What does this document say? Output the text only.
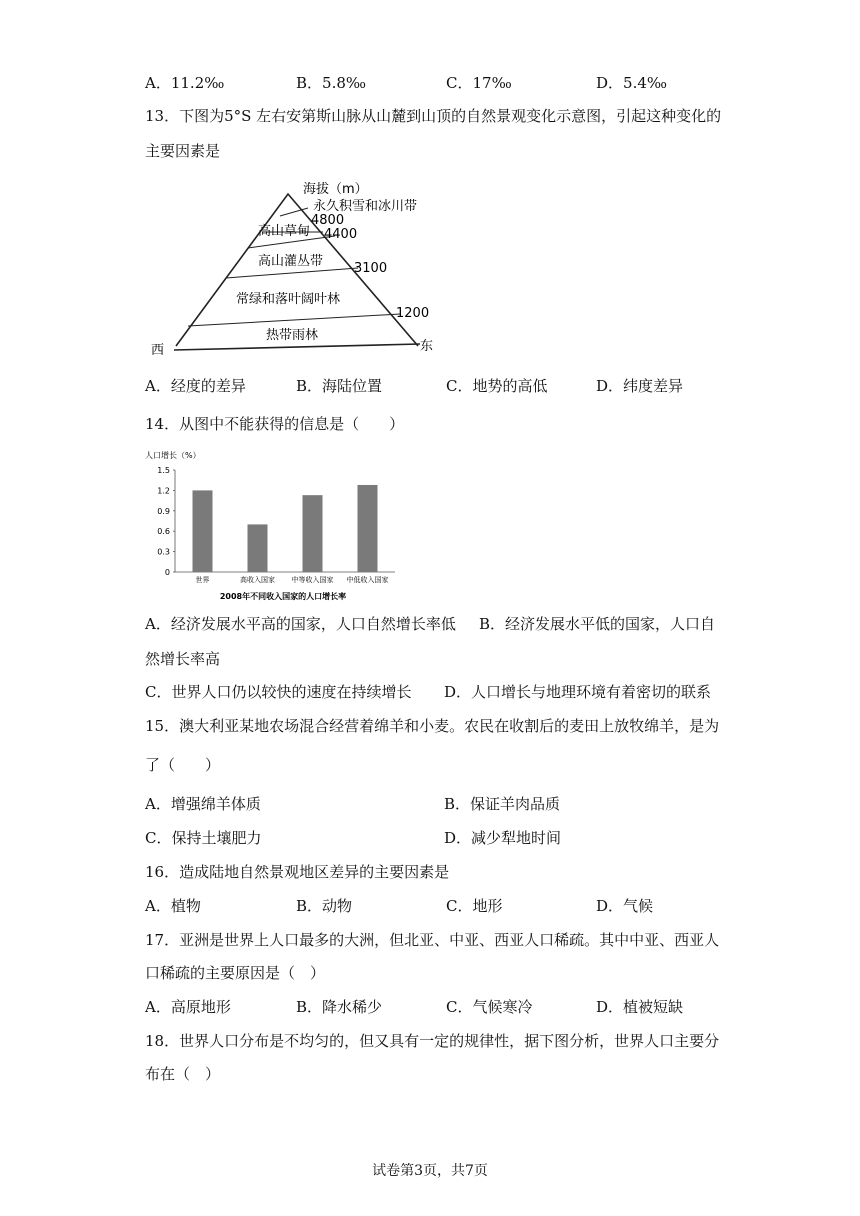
A．11.2‰	B．5.8‰	C．17‰	D．5.4‰
13．下图为5°S 左右安第斯山脉从山麓到山顶的自然景观变化示意图，引起这种变化的
主要因素是
海拔（m）
永久积雪和冰川带
高山草甸
高山灌丛带
常绿和落叶阔叶林
热带雨林
4800
4400
3100
1200
西	东
A．经度的差异	B．海陆位置	C．地势的高低	D．纬度差异
14．从图中不能获得的信息是（　　）
人口增长（%）
0
0.3
0.6
0.9
1.2
1.5
世界	高收入国家 中等收入国家 中低收入国家
2008年不同收入国家的人口增长率
A．经济发展水平高的国家，人口自然增长率低 B．经济发展水平低的国家，人口自
然增长率高
C．世界人口仍以较快的速度在持续增长 D．人口增长与地理环境有着密切的联系
15．澳大利亚某地农场混合经营着绵羊和小麦。农民在收割后的麦田上放牧绵羊，是为
了（　　）
A．增强绵羊体质	B．保证羊肉品质
C．保持土壤肥力	D．减少犁地时间
16．造成陆地自然景观地区差异的主要因素是
A．植物	B．动物	C．地形	D．气候
17．亚洲是世界上人口最多的大洲，但北亚、中亚、西亚人口稀疏。其中中亚、西亚人
口稀疏的主要原因是（　）
A．高原地形	B．降水稀少	C．气候寒冷	D．植被短缺
18．世界人口分布是不均匀的，但又具有一定的规律性，据下图分析，世界人口主要分
布在（　）
试卷第3页，共7页
